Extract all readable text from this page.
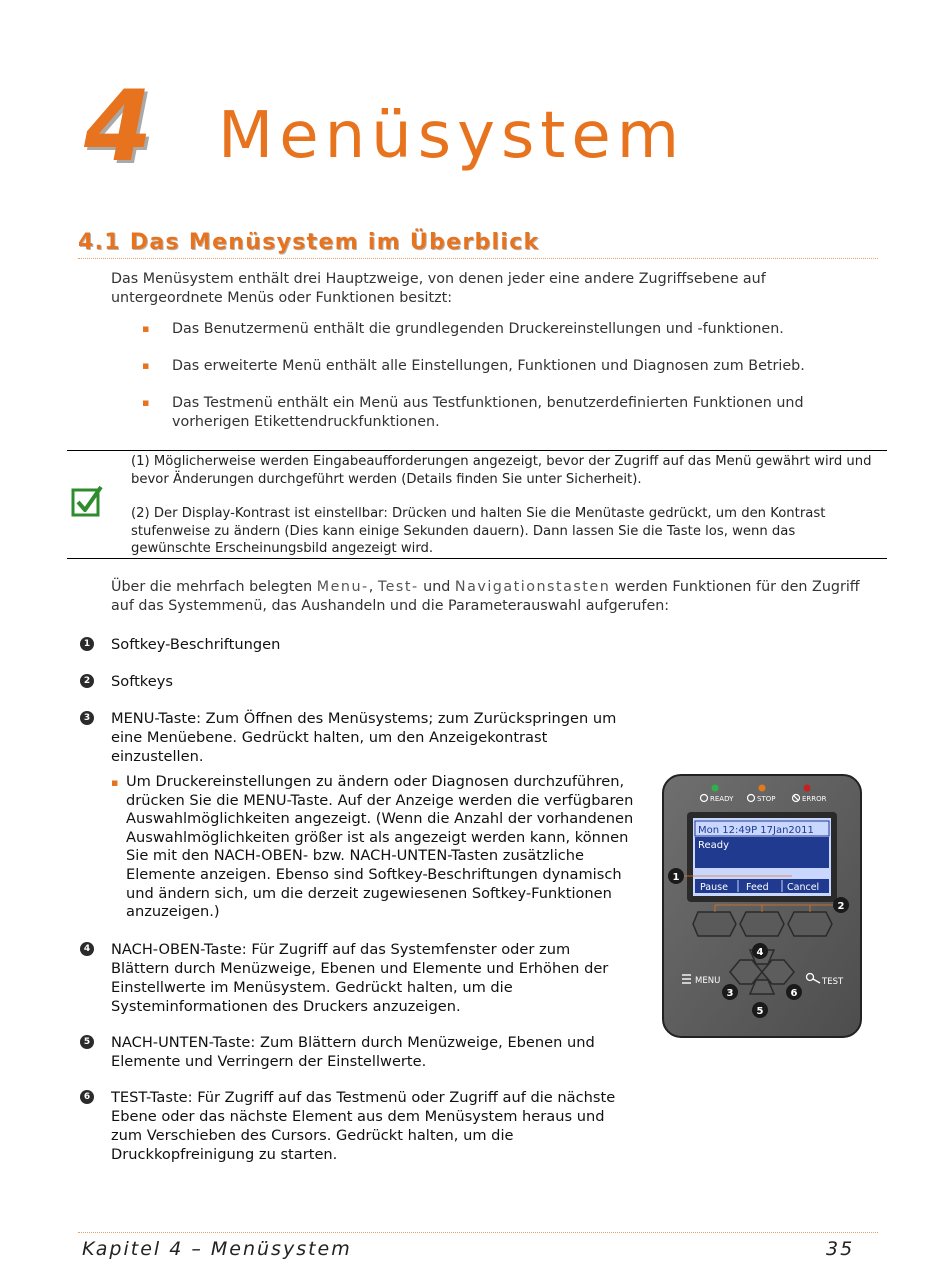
4 Menüsystem
4.1 Das Menüsystem im Überblick
Das Menüsystem enthält drei Hauptzweige, von denen jeder eine andere Zugriffsebene auf untergeordnete Menüs oder Funktionen besitzt:
▪ Das Benutzermenü enthält die grundlegenden Druckereinstellungen und -funktionen.
▪ Das erweiterte Menü enthält alle Einstellungen, Funktionen und Diagnosen zum Betrieb.
▪ Das Testmenü enthält ein Menü aus Testfunktionen, benutzerdefinierten Funktionen und vorherigen Etikettendruckfunktionen.
(1) Möglicherweise werden Eingabeaufforderungen angezeigt, bevor der Zugriff auf das Menü gewährt wird und bevor Änderungen durchgeführt werden (Details finden Sie unter Sicherheit).
(2) Der Display-Kontrast ist einstellbar: Drücken und halten Sie die Menütaste gedrückt, um den Kontrast stufenweise zu ändern (Dies kann einige Sekunden dauern). Dann lassen Sie die Taste los, wenn das gewünschte Erscheinungsbild angezeigt wird.
Über die mehrfach belegten Menu-, Test- und Navigationstasten werden Funktionen für den Zugriff auf das Systemmenü, das Aushandeln und die Parameterauswahl aufgerufen:
1 Softkey-Beschriftungen
2 Softkeys
3 MENU-Taste: Zum Öffnen des Menüsystems; zum Zurückspringen um eine Menüebene. Gedrückt halten, um den Anzeigekontrast einzustellen.
▪ Um Druckereinstellungen zu ändern oder Diagnosen durchzuführen, drücken Sie die MENU-Taste. Auf der Anzeige werden die verfügbaren Auswahlmöglichkeiten angezeigt. (Wenn die Anzahl der vorhandenen Auswahlmöglichkeiten größer ist als angezeigt werden kann, können Sie mit den NACH-OBEN- bzw. NACH-UNTEN-Tasten zusätzliche Elemente anzeigen. Ebenso sind Softkey-Beschriftungen dynamisch und ändern sich, um die derzeit zugewiesenen Softkey-Funktionen anzuzeigen.)
4 NACH-OBEN-Taste: Für Zugriff auf das Systemfenster oder zum Blättern durch Menüzweige, Ebenen und Elemente und Erhöhen der Einstellwerte im Menüsystem. Gedrückt halten, um die Systeminformationen des Druckers anzuzeigen.
5 NACH-UNTEN-Taste: Zum Blättern durch Menüzweige, Ebenen und Elemente und Verringern der Einstellwerte.
6 TEST-Taste: Für Zugriff auf das Testmenü oder Zugriff auf die nächste Ebene oder das nächste Element aus dem Menüsystem heraus und zum Verschieben des Cursors. Gedrückt halten, um die Druckkopfreinigung zu starten.
READY	STOP	ERROR
Mon 12:49P 17Jan2011
Ready
Pause Feed Cancel
MENU	TEST
1
2
3
4
5
6
Kapitel 4 – Menüsystem	35
